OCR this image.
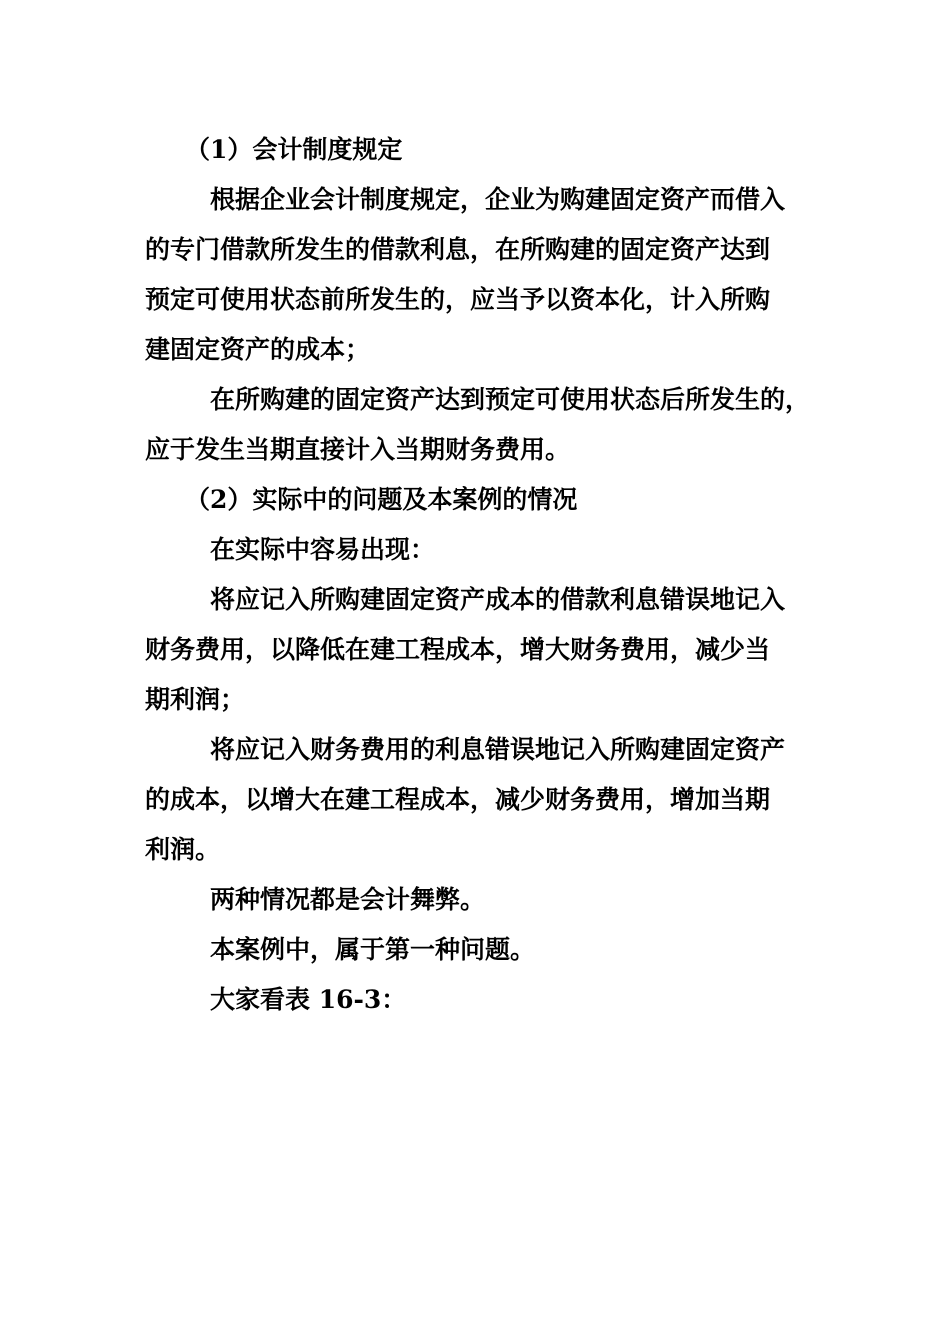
（1）会计制度规定
根据企业会计制度规定，企业为购建固定资产而借入
的专门借款所发生的借款利息，在所购建的固定资产达到
预定可使用状态前所发生的，应当予以资本化，计入所购
建固定资产的成本；
在所购建的固定资产达到预定可使用状态后所发生的，
应于发生当期直接计入当期财务费用。
（2）实际中的问题及本案例的情况
在实际中容易出现：
将应记入所购建固定资产成本的借款利息错误地记入
财务费用，以降低在建工程成本，增大财务费用，减少当
期利润；
将应记入财务费用的利息错误地记入所购建固定资产
的成本，以增大在建工程成本，减少财务费用，增加当期
利润。
两种情况都是会计舞弊。
本案例中，属于第一种问题。
大家看表 16-3：
